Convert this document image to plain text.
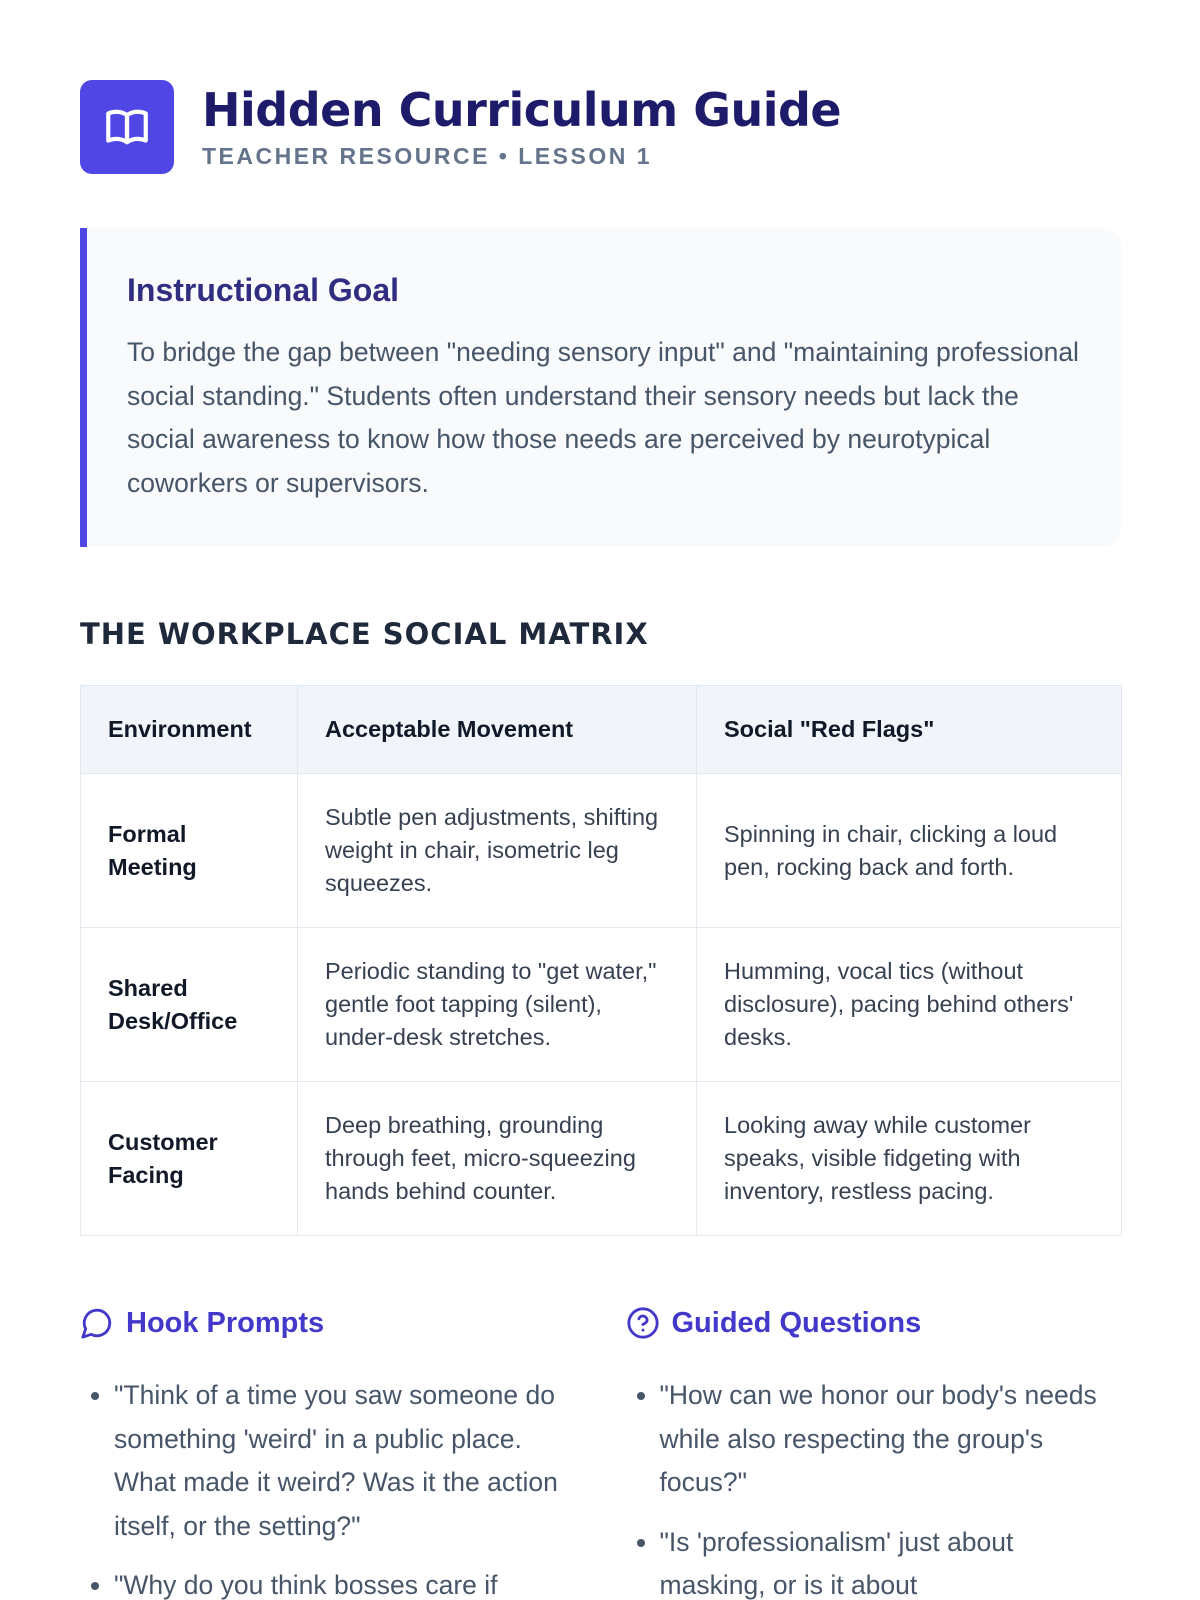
Hidden Curriculum Guide
TEACHER RESOURCE • LESSON 1
Instructional Goal

To bridge the gap between "needing sensory input" and "maintaining professional social standing." Students often understand their sensory needs but lack the social awareness to know how those needs are perceived by neurotypical coworkers or supervisors.

THE WORKPLACE SOCIAL MATRIX
Environment	Acceptable Movement	Social "Red Flags"
Formal Meeting	Subtle pen adjustments, shifting weight in chair, isometric leg squeezes.	Spinning in chair, clicking a loud pen, rocking back and forth.
Shared Desk/Office	Periodic standing to "get water," gentle foot tapping (silent), under-desk stretches.	Humming, vocal tics (without disclosure), pacing behind others' desks.
Customer Facing	Deep breathing, grounding through feet, micro-squeezing hands behind counter.	Looking away while customer speaks, visible fidgeting with inventory, restless pacing.
Hook Prompts
• "Think of a time you saw someone do something 'weird' in a public place. What made it weird? Was it the action itself, or the setting?"
• "Why do you think bosses care if
Guided Questions
• "How can we honor our body's needs while also respecting the group's focus?"
• "Is 'professionalism' just about masking, or is it about
